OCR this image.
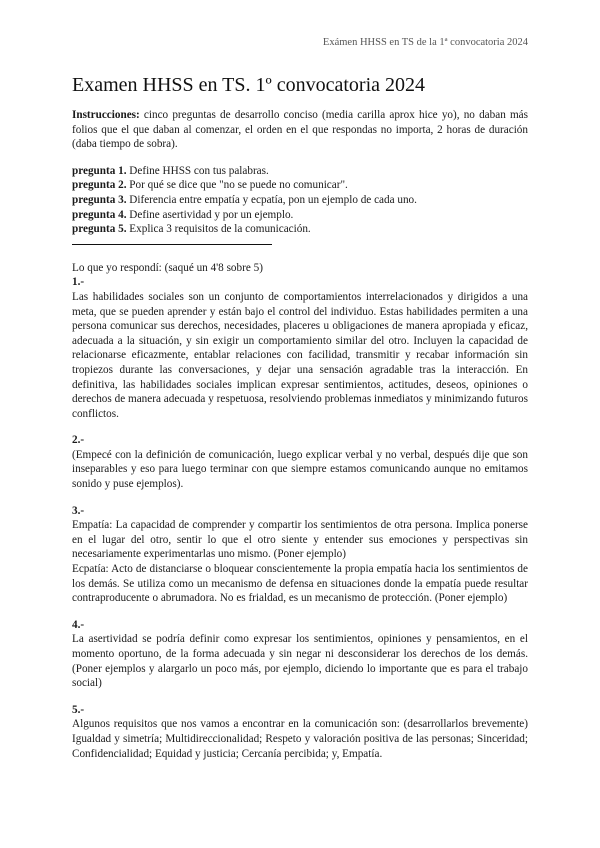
Exámen HHSS en TS de la 1ª convocatoria 2024
Examen HHSS en TS. 1º convocatoria 2024

Instrucciones: cinco preguntas de desarrollo conciso (media carilla aprox hice yo), no daban más folios que el que daban al comenzar, el orden en el que respondas no importa, 2 horas de duración (daba tiempo de sobra).

pregunta 1. Define HHSS con tus palabras.
pregunta 2. Por qué se dice que "no se puede no comunicar".
pregunta 3. Diferencia entre empatía y ecpatía, pon un ejemplo de cada uno.
pregunta 4. Define asertividad y por un ejemplo.
pregunta 5. Explica 3 requisitos de la comunicación.

Lo que yo respondí: (saqué un 4'8 sobre 5)

1.-

Las habilidades sociales son un conjunto de comportamientos interrelacionados y dirigidos a una meta, que se pueden aprender y están bajo el control del individuo. Estas habilidades permiten a una persona comunicar sus derechos, necesidades, placeres u obligaciones de manera apropiada y eficaz, adecuada a la situación, y sin exigir un comportamiento similar del otro. Incluyen la capacidad de relacionarse eficazmente, entablar relaciones con facilidad, transmitir y recabar información sin tropiezos durante las conversaciones, y dejar una sensación agradable tras la interacción. En definitiva, las habilidades sociales implican expresar sentimientos, actitudes, deseos, opiniones o derechos de manera adecuada y respetuosa, resolviendo problemas inmediatos y minimizando futuros conflictos.

2.-

(Empecé con la definición de comunicación, luego explicar verbal y no verbal, después dije que son inseparables y eso para luego terminar con que siempre estamos comunicando aunque no emitamos sonido y puse ejemplos).

3.-

Empatía: La capacidad de comprender y compartir los sentimientos de otra persona. Implica ponerse en el lugar del otro, sentir lo que el otro siente y entender sus emociones y perspectivas sin necesariamente experimentarlas uno mismo. (Poner ejemplo)

Ecpatía: Acto de distanciarse o bloquear conscientemente la propia empatía hacia los sentimientos de los demás. Se utiliza como un mecanismo de defensa en situaciones donde la empatía puede resultar contraproducente o abrumadora. No es frialdad, es un mecanismo de protección. (Poner ejemplo)

4.-

La asertividad se podría definir como expresar los sentimientos, opiniones y pensamientos, en el momento oportuno, de la forma adecuada y sin negar ni desconsiderar los derechos de los demás. (Poner ejemplos y alargarlo un poco más, por ejemplo, diciendo lo importante que es para el trabajo social)

5.-

Algunos requisitos que nos vamos a encontrar en la comunicación son: (desarrollarlos brevemente) Igualdad y simetría; Multidireccionalidad; Respeto y valoración positiva de las personas; Sinceridad; Confidencialidad; Equidad y justicia; Cercanía percibida; y, Empatía.
